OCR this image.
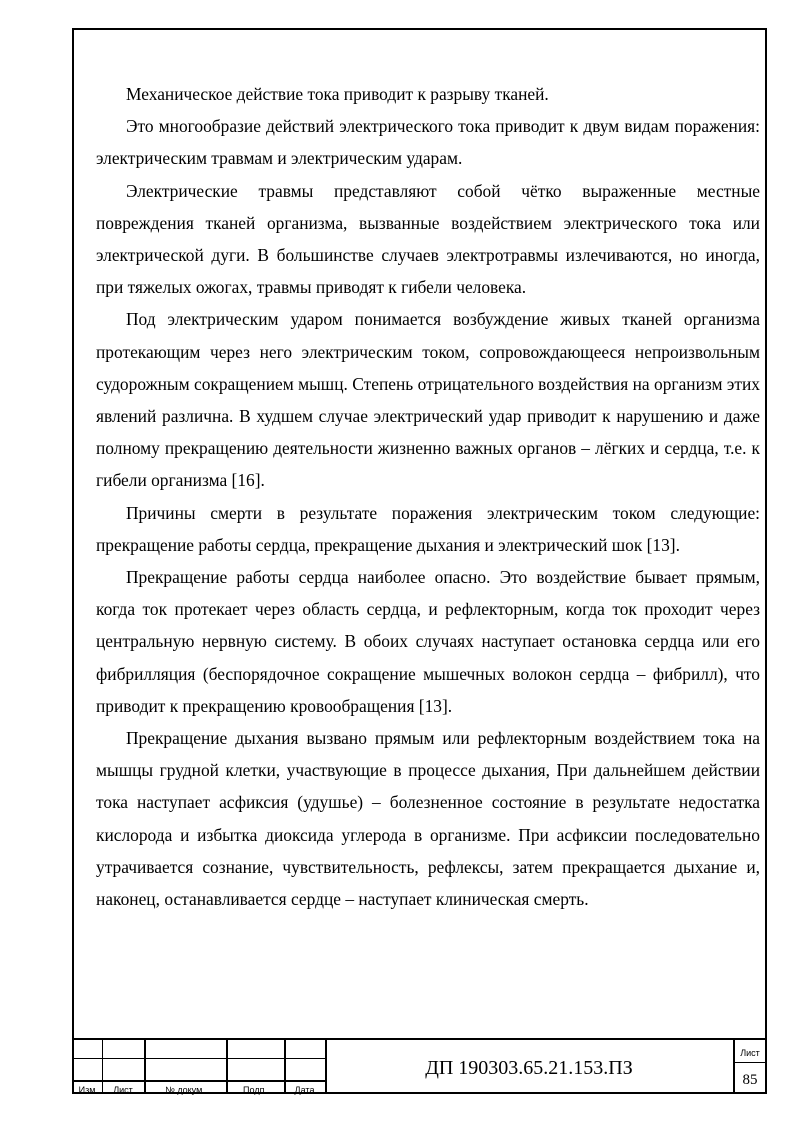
Механическое действие тока приводит к разрыву тканей.

Это многообразие действий электрического тока приводит к двум видам поражения: электрическим травмам и электрическим ударам.

Электрические травмы представляют собой чётко выраженные местные повреждения тканей организма, вызванные воздействием электрического тока или электрической дуги. В большинстве случаев электротравмы излечиваются, но иногда, при тяжелых ожогах, травмы приводят к гибели человека.

Под электрическим ударом понимается возбуждение живых тканей организма протекающим через него электрическим током, сопровождающееся непроизвольным судорожным сокращением мышц. Степень отрицательного воздействия на организм этих явлений различна. В худшем случае электрический удар приводит к нарушению и даже полному прекращению деятельности жизненно важных органов – лёгких и сердца, т.е. к гибели организма [16].

Причины смерти в результате поражения электрическим током следующие: прекращение работы сердца, прекращение дыхания и электрический шок [13].

Прекращение работы сердца наиболее опасно. Это воздействие бывает прямым, когда ток протекает через область сердца, и рефлекторным, когда ток проходит через центральную нервную систему. В обоих случаях наступает остановка сердца или его фибрилляция (беспорядочное сокращение мышечных волокон сердца – фибрилл), что приводит к прекращению кровообращения [13].

Прекращение дыхания вызвано прямым или рефлекторным воздействием тока на мышцы грудной клетки, участвующие в процессе дыхания, При дальнейшем действии тока наступает асфиксия (удушье) – болезненное состояние в результате недостатка кислорода и избытка диоксида углерода в организме. При асфиксии последовательно утрачивается сознание, чувствительность, рефлексы, затем прекращается дыхание и, наконец, останавливается сердце – наступает клиническая смерть.

Изм	Лист	№ докум.	Подп.	Дата
ДП 190303.65.21.153.ПЗ
Лист
85
